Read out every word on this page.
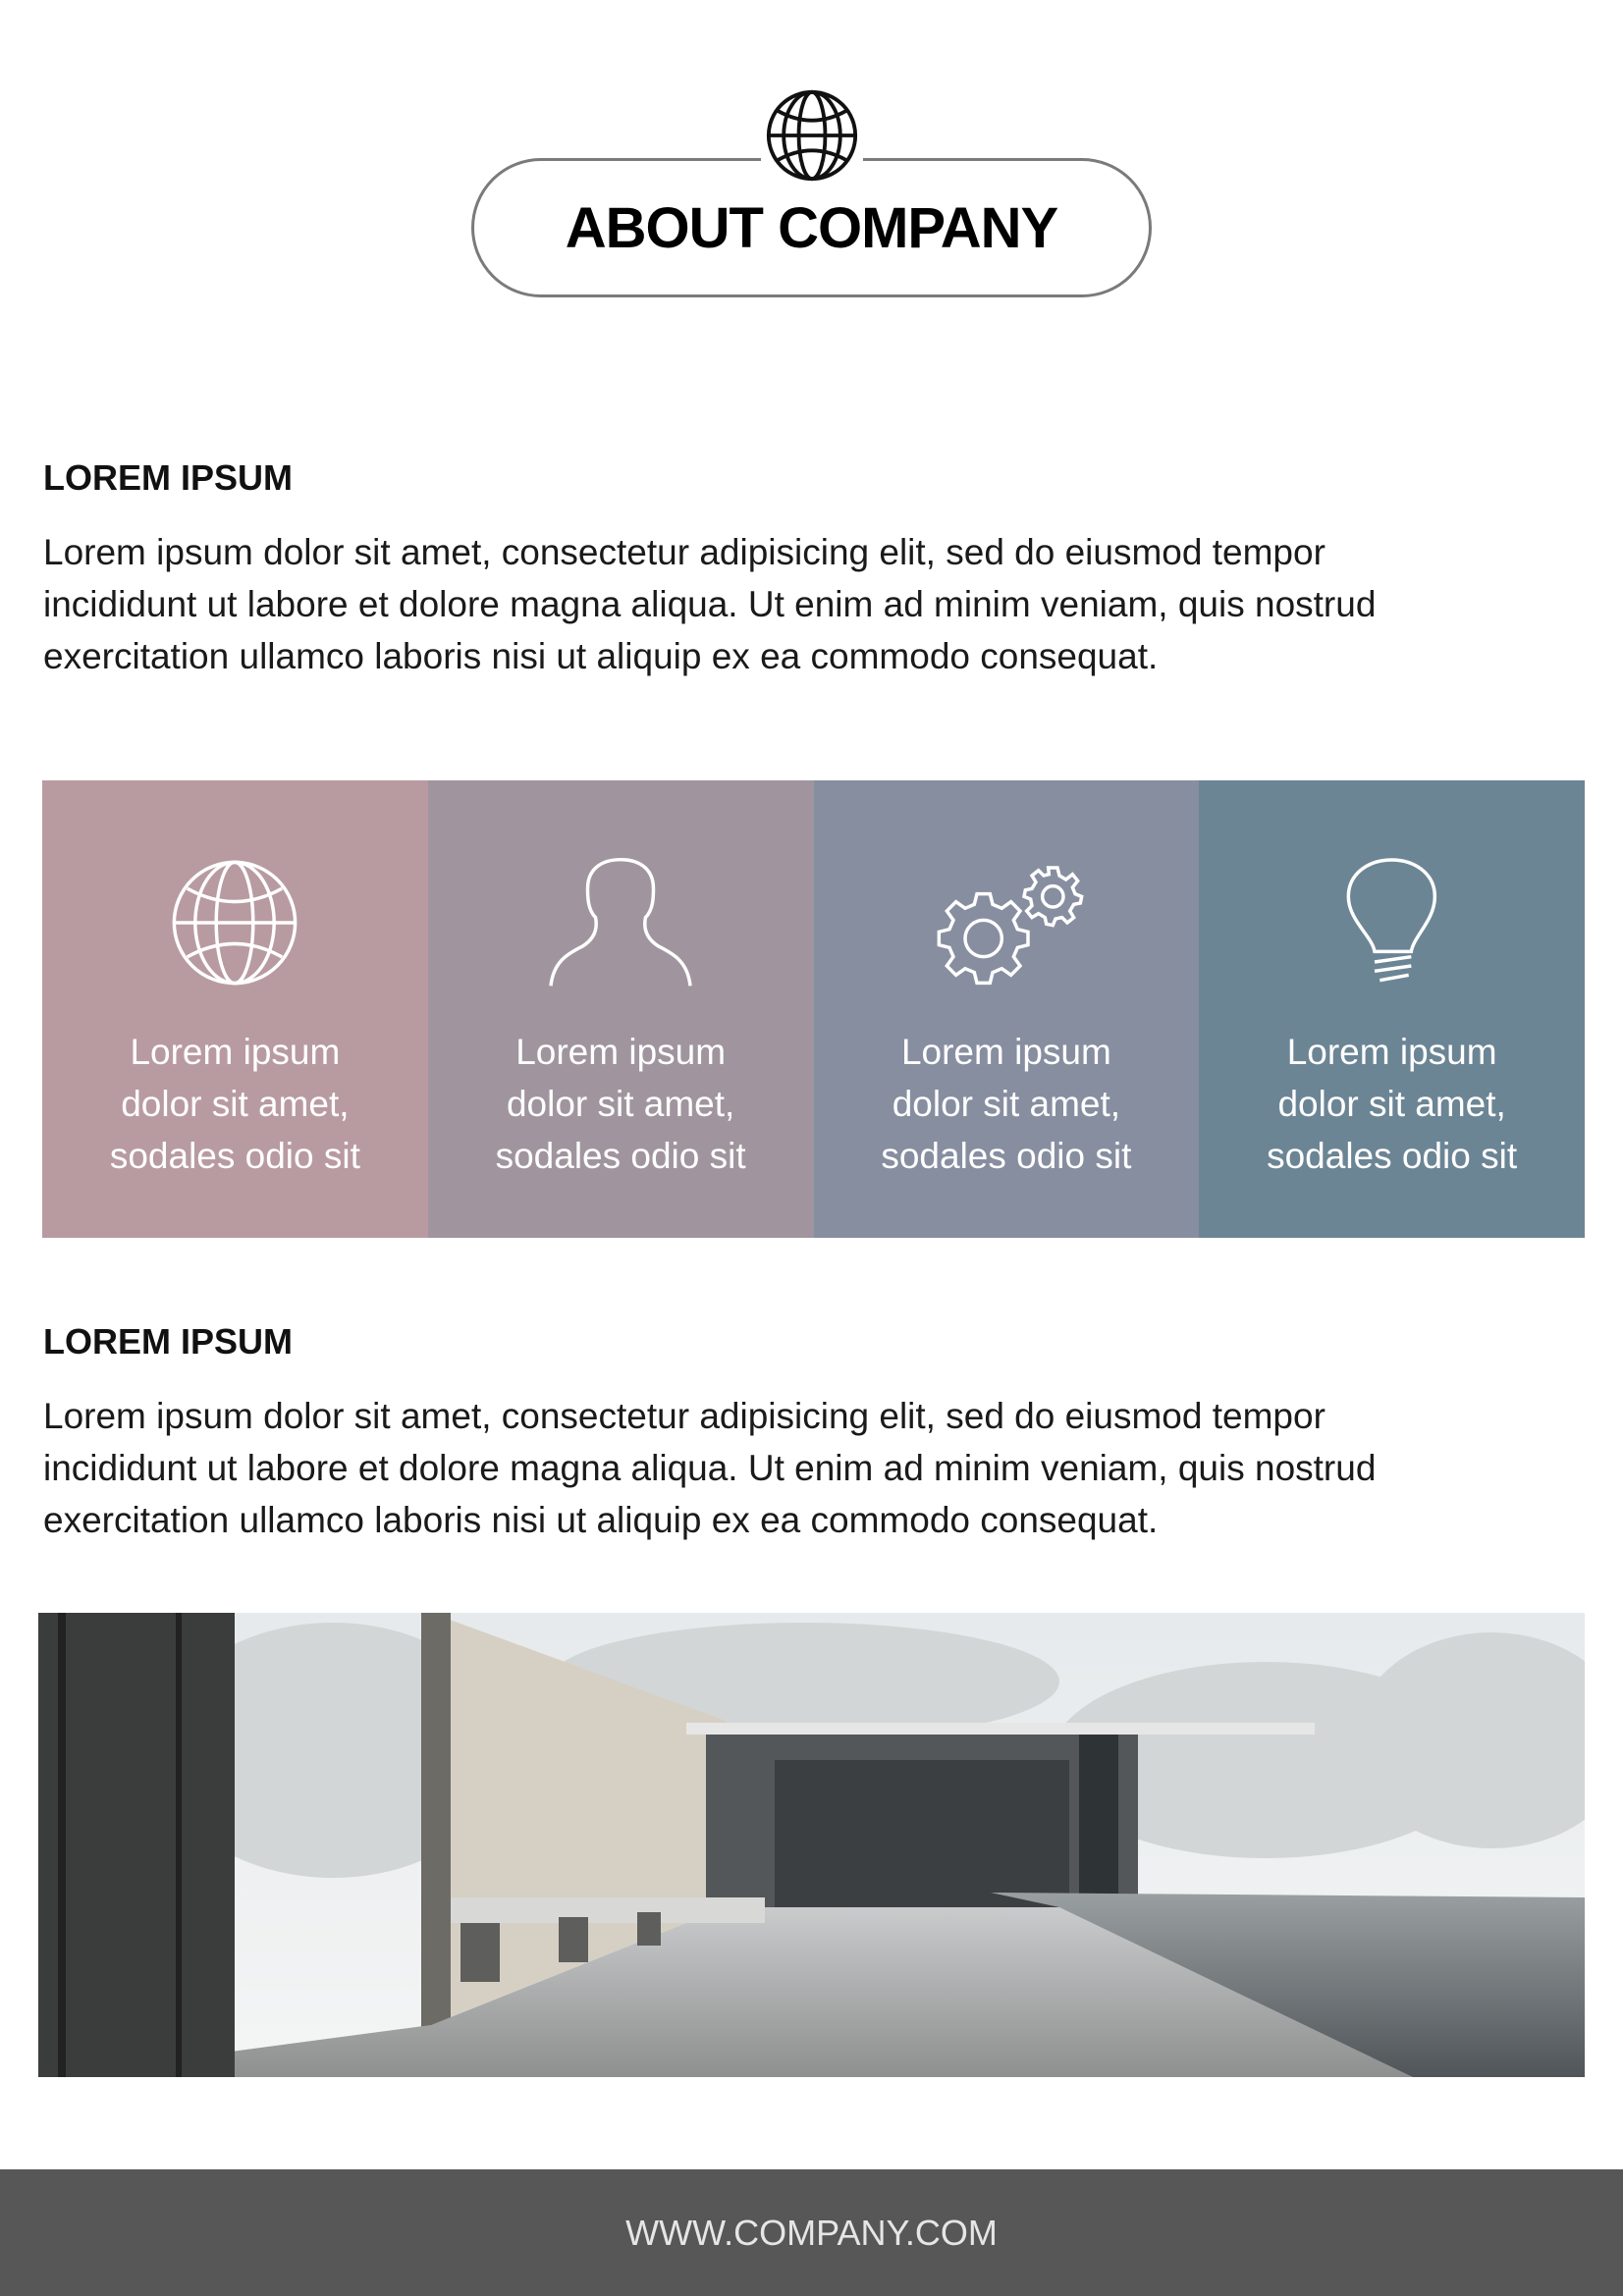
ABOUT COMPANY
LOREM IPSUM
Lorem ipsum dolor sit amet, consectetur adipisicing elit, sed do eiusmod tempor
incididunt ut labore et dolore magna aliqua. Ut enim ad minim veniam, quis nostrud
exercitation ullamco laboris nisi ut aliquip ex ea commodo consequat.
Lorem ipsum
dolor sit amet,
sodales odio sit
Lorem ipsum
dolor sit amet,
sodales odio sit
Lorem ipsum
dolor sit amet,
sodales odio sit
Lorem ipsum
dolor sit amet,
sodales odio sit
LOREM IPSUM
Lorem ipsum dolor sit amet, consectetur adipisicing elit, sed do eiusmod tempor
incididunt ut labore et dolore magna aliqua. Ut enim ad minim veniam, quis nostrud
exercitation ullamco laboris nisi ut aliquip ex ea commodo consequat.
WWW.COMPANY.COM
